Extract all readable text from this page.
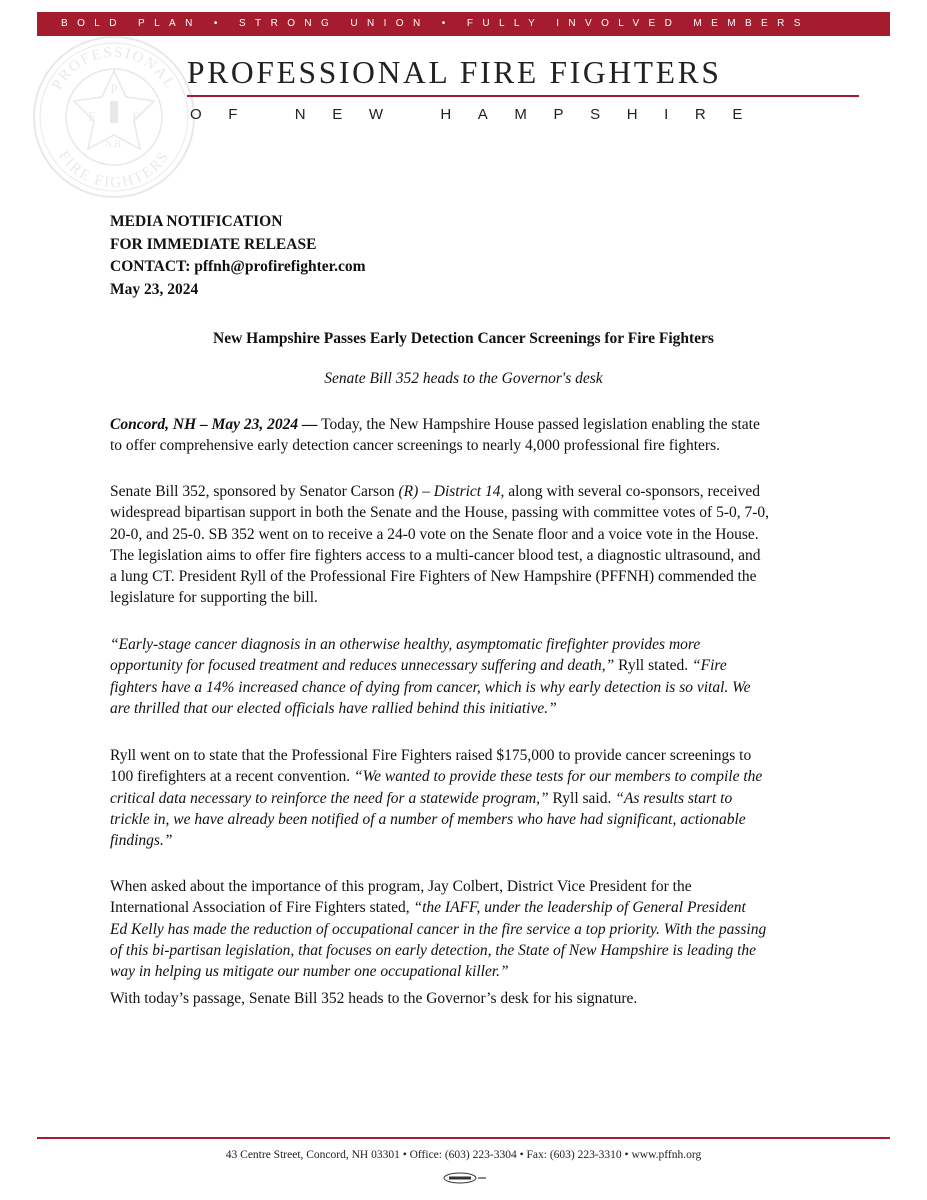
BOLD PLAN • STRONG UNION • FULLY INVOLVED MEMBERS
PROFESSIONAL
FIRE FIGHTERS
P
F	F
N.H.
PROFESSIONAL FIRE FIGHTERS
OF NEW HAMPSHIRE
MEDIA NOTIFICATION
FOR IMMEDIATE RELEASE
CONTACT: pffnh@profirefighter.com
May 23, 2024
New Hampshire Passes Early Detection Cancer Screenings for Fire Fighters
Senate Bill 352 heads to the Governor's desk
Concord, NH – May 23, 2024 — Today, the New Hampshire House passed legislation enabling the state
to offer comprehensive early detection cancer screenings to nearly 4,000 professional fire fighters.
Senate Bill 352, sponsored by Senator Carson (R) – District 14, along with several co-sponsors, received
widespread bipartisan support in both the Senate and the House, passing with committee votes of 5-0, 7-0,
20-0, and 25-0. SB 352 went on to receive a 24-0 vote on the Senate floor and a voice vote in the House.
The legislation aims to offer fire fighters access to a multi-cancer blood test, a diagnostic ultrasound, and
a lung CT. President Ryll of the Professional Fire Fighters of New Hampshire (PFFNH) commended the
legislature for supporting the bill.
“Early-stage cancer diagnosis in an otherwise healthy, asymptomatic firefighter provides more
opportunity for focused treatment and reduces unnecessary suffering and death,” Ryll stated. “Fire
fighters have a 14% increased chance of dying from cancer, which is why early detection is so vital. We
are thrilled that our elected officials have rallied behind this initiative.”
Ryll went on to state that the Professional Fire Fighters raised $175,000 to provide cancer screenings to
100 firefighters at a recent convention. “We wanted to provide these tests for our members to compile the
critical data necessary to reinforce the need for a statewide program,” Ryll said. “As results start to
trickle in, we have already been notified of a number of members who have had significant, actionable
findings.”
When asked about the importance of this program, Jay Colbert, District Vice President for the
International Association of Fire Fighters stated, “the IAFF, under the leadership of General President
Ed Kelly has made the reduction of occupational cancer in the fire service a top priority. With the passing
of this bi-partisan legislation, that focuses on early detection, the State of New Hampshire is leading the
way in helping us mitigate our number one occupational killer.”
With today’s passage, Senate Bill 352 heads to the Governor’s desk for his signature.
43 Centre Street, Concord, NH 03301 • Office: (603) 223-3304 • Fax: (603) 223-3310 • www.pffnh.org
